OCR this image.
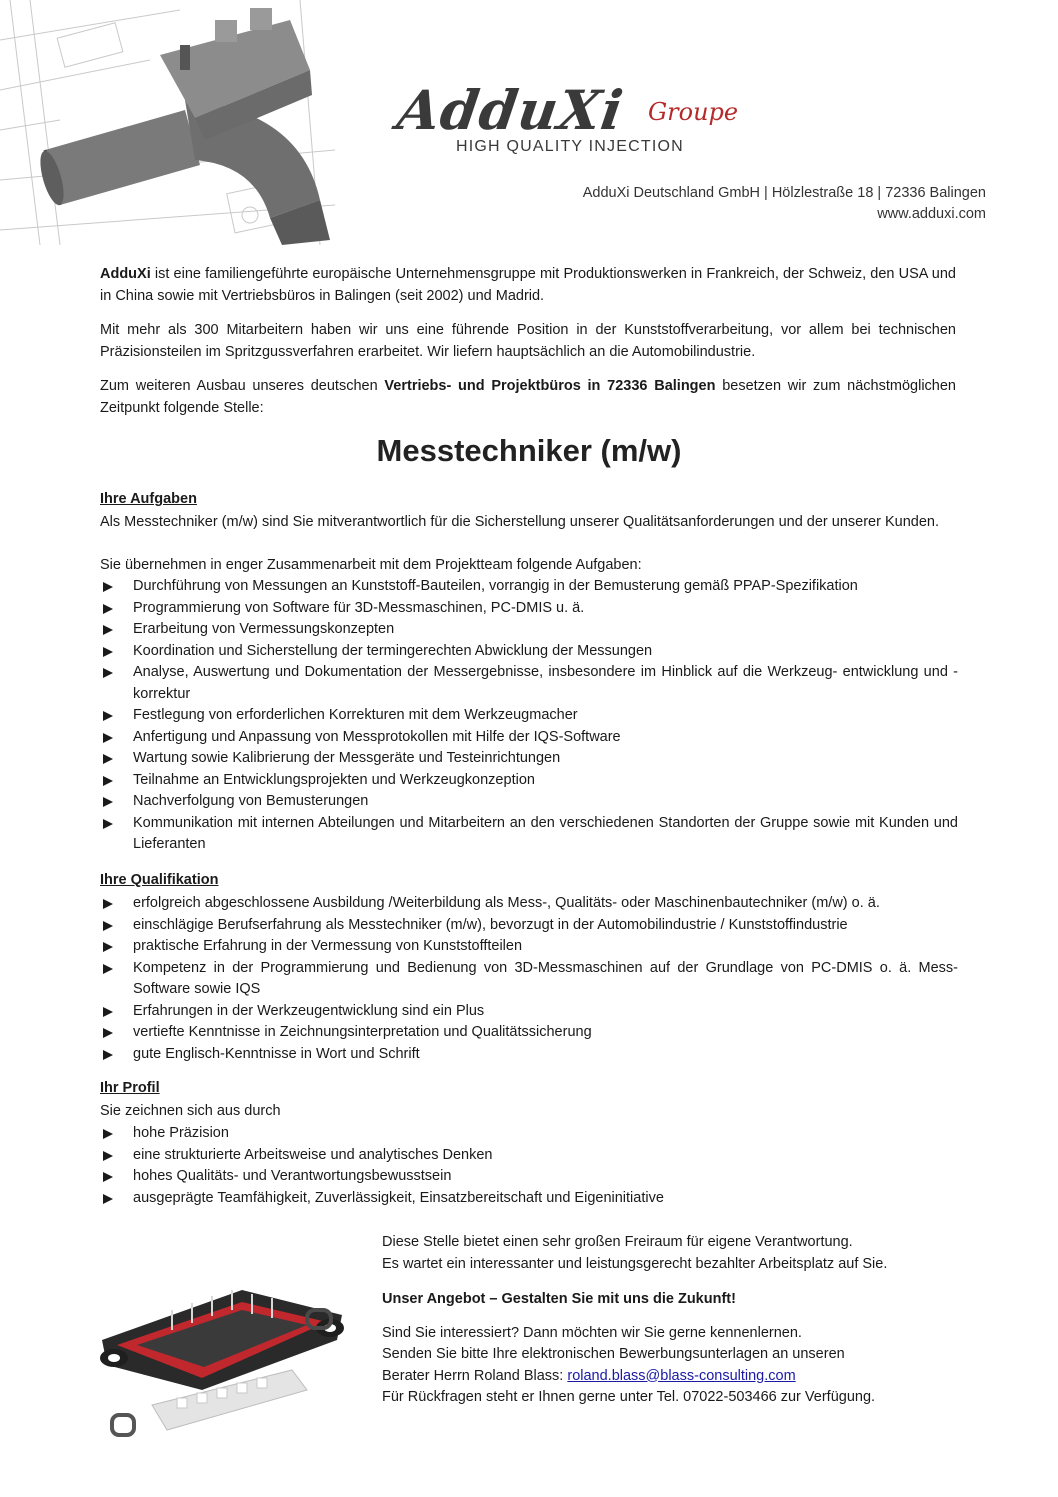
AdduXi Groupe
HIGH QUALITY INJECTION
AdduXi Deutschland GmbH | Hölzlestraße 18 | 72336 Balingen
www.adduxi.com
AdduXi ist eine familiengeführte europäische Unternehmensgruppe mit Produktionswerken in Frankreich, der Schweiz, den USA und in China sowie mit Vertriebsbüros in Balingen (seit 2002) und Madrid.
Mit mehr als 300 Mitarbeitern haben wir uns eine führende Position in der Kunststoffverarbeitung, vor allem bei technischen Präzisionsteilen im Spritzgussverfahren erarbeitet. Wir liefern hauptsächlich an die Automobilindustrie.
Zum weiteren Ausbau unseres deutschen Vertriebs- und Projektbüros in 72336 Balingen besetzen wir zum nächstmöglichen Zeitpunkt folgende Stelle:
Messtechniker (m/w)
Ihre Aufgaben
Als Messtechniker (m/w) sind Sie mitverantwortlich für die Sicherstellung unserer Qualitätsanforderungen und der unserer Kunden.
Sie übernehmen in enger Zusammenarbeit mit dem Projektteam folgende Aufgaben:
Durchführung von Messungen an Kunststoff-Bauteilen, vorrangig in der Bemusterung gemäß PPAP-Spezifikation
Programmierung von Software für 3D-Messmaschinen, PC-DMIS u. ä.
Erarbeitung von Vermessungskonzepten
Koordination und Sicherstellung der termingerechten Abwicklung der Messungen
Analyse, Auswertung und Dokumentation der Messergebnisse, insbesondere im Hinblick auf die Werkzeug- entwicklung und -korrektur
Festlegung von erforderlichen Korrekturen mit dem Werkzeugmacher
Anfertigung und Anpassung von Messprotokollen mit Hilfe der IQS-Software
Wartung sowie Kalibrierung der Messgeräte und Testeinrichtungen
Teilnahme an Entwicklungsprojekten und Werkzeugkonzeption
Nachverfolgung von Bemusterungen
Kommunikation mit internen Abteilungen und Mitarbeitern an den verschiedenen Standorten der Gruppe sowie mit Kunden und Lieferanten
Ihre Qualifikation
erfolgreich abgeschlossene Ausbildung /Weiterbildung als Mess-, Qualitäts- oder Maschinenbautechniker (m/w) o. ä.
einschlägige Berufserfahrung als Messtechniker (m/w), bevorzugt in der Automobilindustrie / Kunststoffindustrie
praktische Erfahrung in der Vermessung von Kunststoffteilen
Kompetenz in der Programmierung und Bedienung von 3D-Messmaschinen auf der Grundlage von PC-DMIS o. ä. Mess-Software sowie IQS
Erfahrungen in der Werkzeugentwicklung sind ein Plus
vertiefte Kenntnisse in Zeichnungsinterpretation und Qualitätssicherung
gute Englisch-Kenntnisse in Wort und Schrift
Ihr Profil
Sie zeichnen sich aus durch
hohe Präzision
eine strukturierte Arbeitsweise und analytisches Denken
hohes Qualitäts- und Verantwortungsbewusstsein
ausgeprägte Teamfähigkeit, Zuverlässigkeit, Einsatzbereitschaft und Eigeninitiative
Diese Stelle bietet einen sehr großen Freiraum für eigene Verantwortung.
Es wartet ein interessanter und leistungsgerecht bezahlter Arbeitsplatz auf Sie.
Unser Angebot – Gestalten Sie mit uns die Zukunft!
Sind Sie interessiert? Dann möchten wir Sie gerne kennenlernen.
Senden Sie bitte Ihre elektronischen Bewerbungsunterlagen an unseren
Berater Herrn Roland Blass: roland.blass@blass-consulting.com
Für Rückfragen steht er Ihnen gerne unter Tel. 07022-503466 zur Verfügung.
